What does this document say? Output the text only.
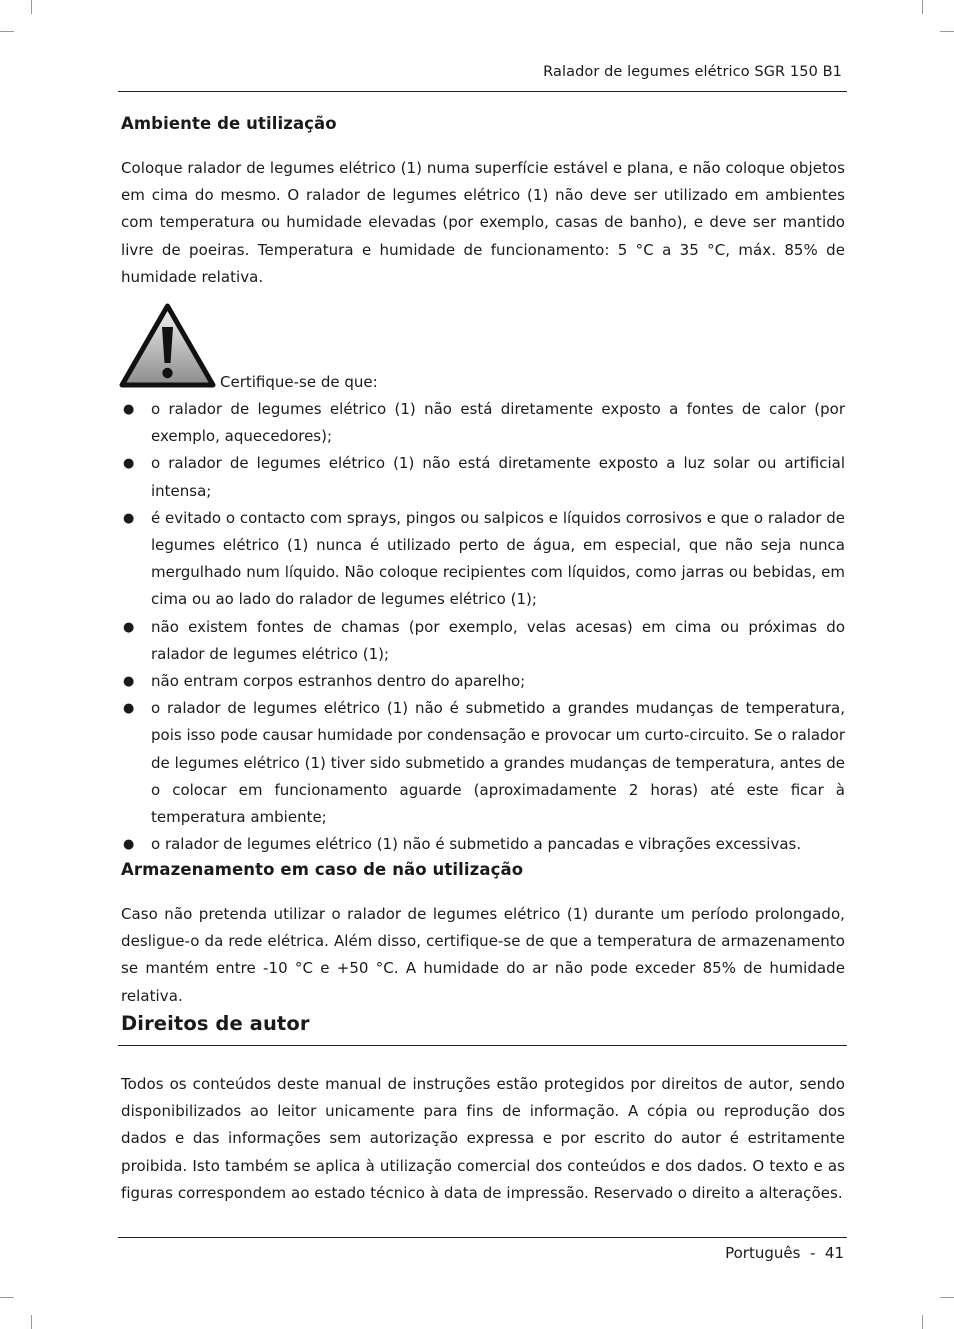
Ralador de legumes elétrico SGR 150 B1
Ambiente de utilização

Coloque ralador de legumes elétrico (1) numa superfície estável e plana, e não coloque objetos em cima do mesmo. O ralador de legumes elétrico (1) não deve ser utilizado em ambientes com temperatura ou humidade elevadas (por exemplo, casas de banho), e deve ser mantido livre de poeiras. Temperatura e humidade de funcionamento: 5 °C a 35 °C, máx. 85% de humidade relativa.

Certifique-se de que:
● o ralador de legumes elétrico (1) não está diretamente exposto a fontes de calor (por exemplo, aquecedores);
● o ralador de legumes elétrico (1) não está diretamente exposto a luz solar ou artificial intensa;
● é evitado o contacto com sprays, pingos ou salpicos e líquidos corrosivos e que o ralador de legumes elétrico (1) nunca é utilizado perto de água, em especial, que não seja nunca mergulhado num líquido. Não coloque recipientes com líquidos, como jarras ou bebidas, em cima ou ao lado do ralador de legumes elétrico (1);
● não existem fontes de chamas (por exemplo, velas acesas) em cima ou próximas do ralador de legumes elétrico (1);
● não entram corpos estranhos dentro do aparelho;
● o ralador de legumes elétrico (1) não é submetido a grandes mudanças de temperatura, pois isso pode causar humidade por condensação e provocar um curto-circuito. Se o ralador de legumes elétrico (1) tiver sido submetido a grandes mudanças de temperatura, antes de o colocar em funcionamento aguarde (aproximadamente 2 horas) até este ficar à temperatura ambiente;
● o ralador de legumes elétrico (1) não é submetido a pancadas e vibrações excessivas.
Armazenamento em caso de não utilização

Caso não pretenda utilizar o ralador de legumes elétrico (1) durante um período prolongado, desligue-o da rede elétrica. Além disso, certifique-se de que a temperatura de armazenamento se mantém entre -10 °C e +50 °C. A humidade do ar não pode exceder 85% de humidade relativa.

Direitos de autor

Todos os conteúdos deste manual de instruções estão protegidos por direitos de autor, sendo disponibilizados ao leitor unicamente para fins de informação. A cópia ou reprodução dos dados e das informações sem autorização expressa e por escrito do autor é estritamente proibida. Isto também se aplica à utilização comercial dos conteúdos e dos dados. O texto e as figuras correspondem ao estado técnico à data de impressão. Reservado o direito a alterações.

Português  -  41
